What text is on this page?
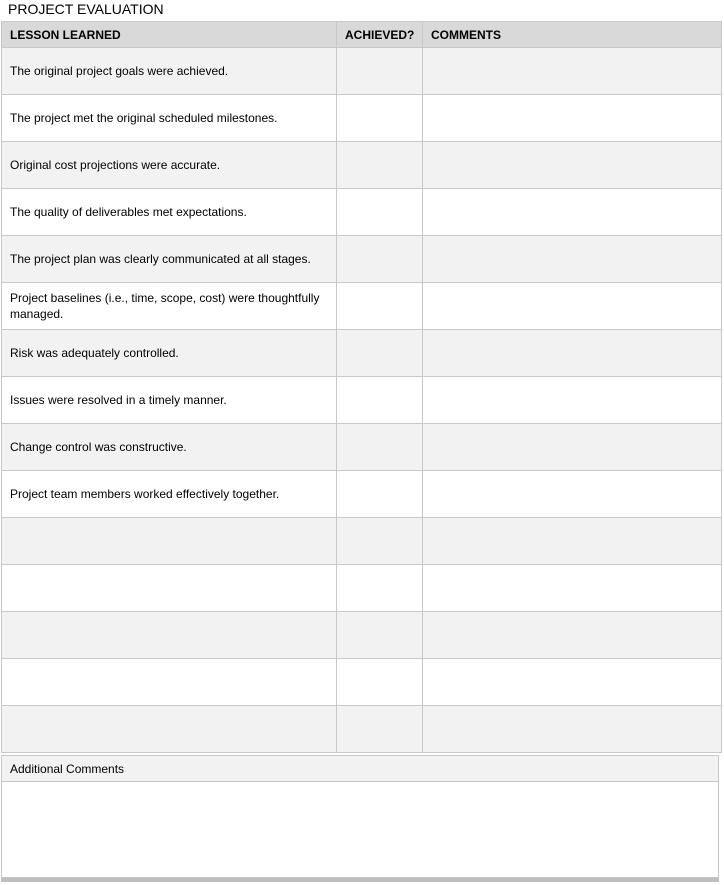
PROJECT EVALUATION
LESSON LEARNED	ACHIEVED?	COMMENTS
The original project goals were achieved.		
The project met the original scheduled milestones.		
Original cost projections were accurate.		
The quality of deliverables met expectations.		
The project plan was clearly communicated at all stages.		
Project baselines (i.e., time, scope, cost) were thoughtfully managed.		
Risk was adequately controlled.		
Issues were resolved in a timely manner.		
Change control was constructive.		
Project team members worked effectively together.		

Additional Comments
